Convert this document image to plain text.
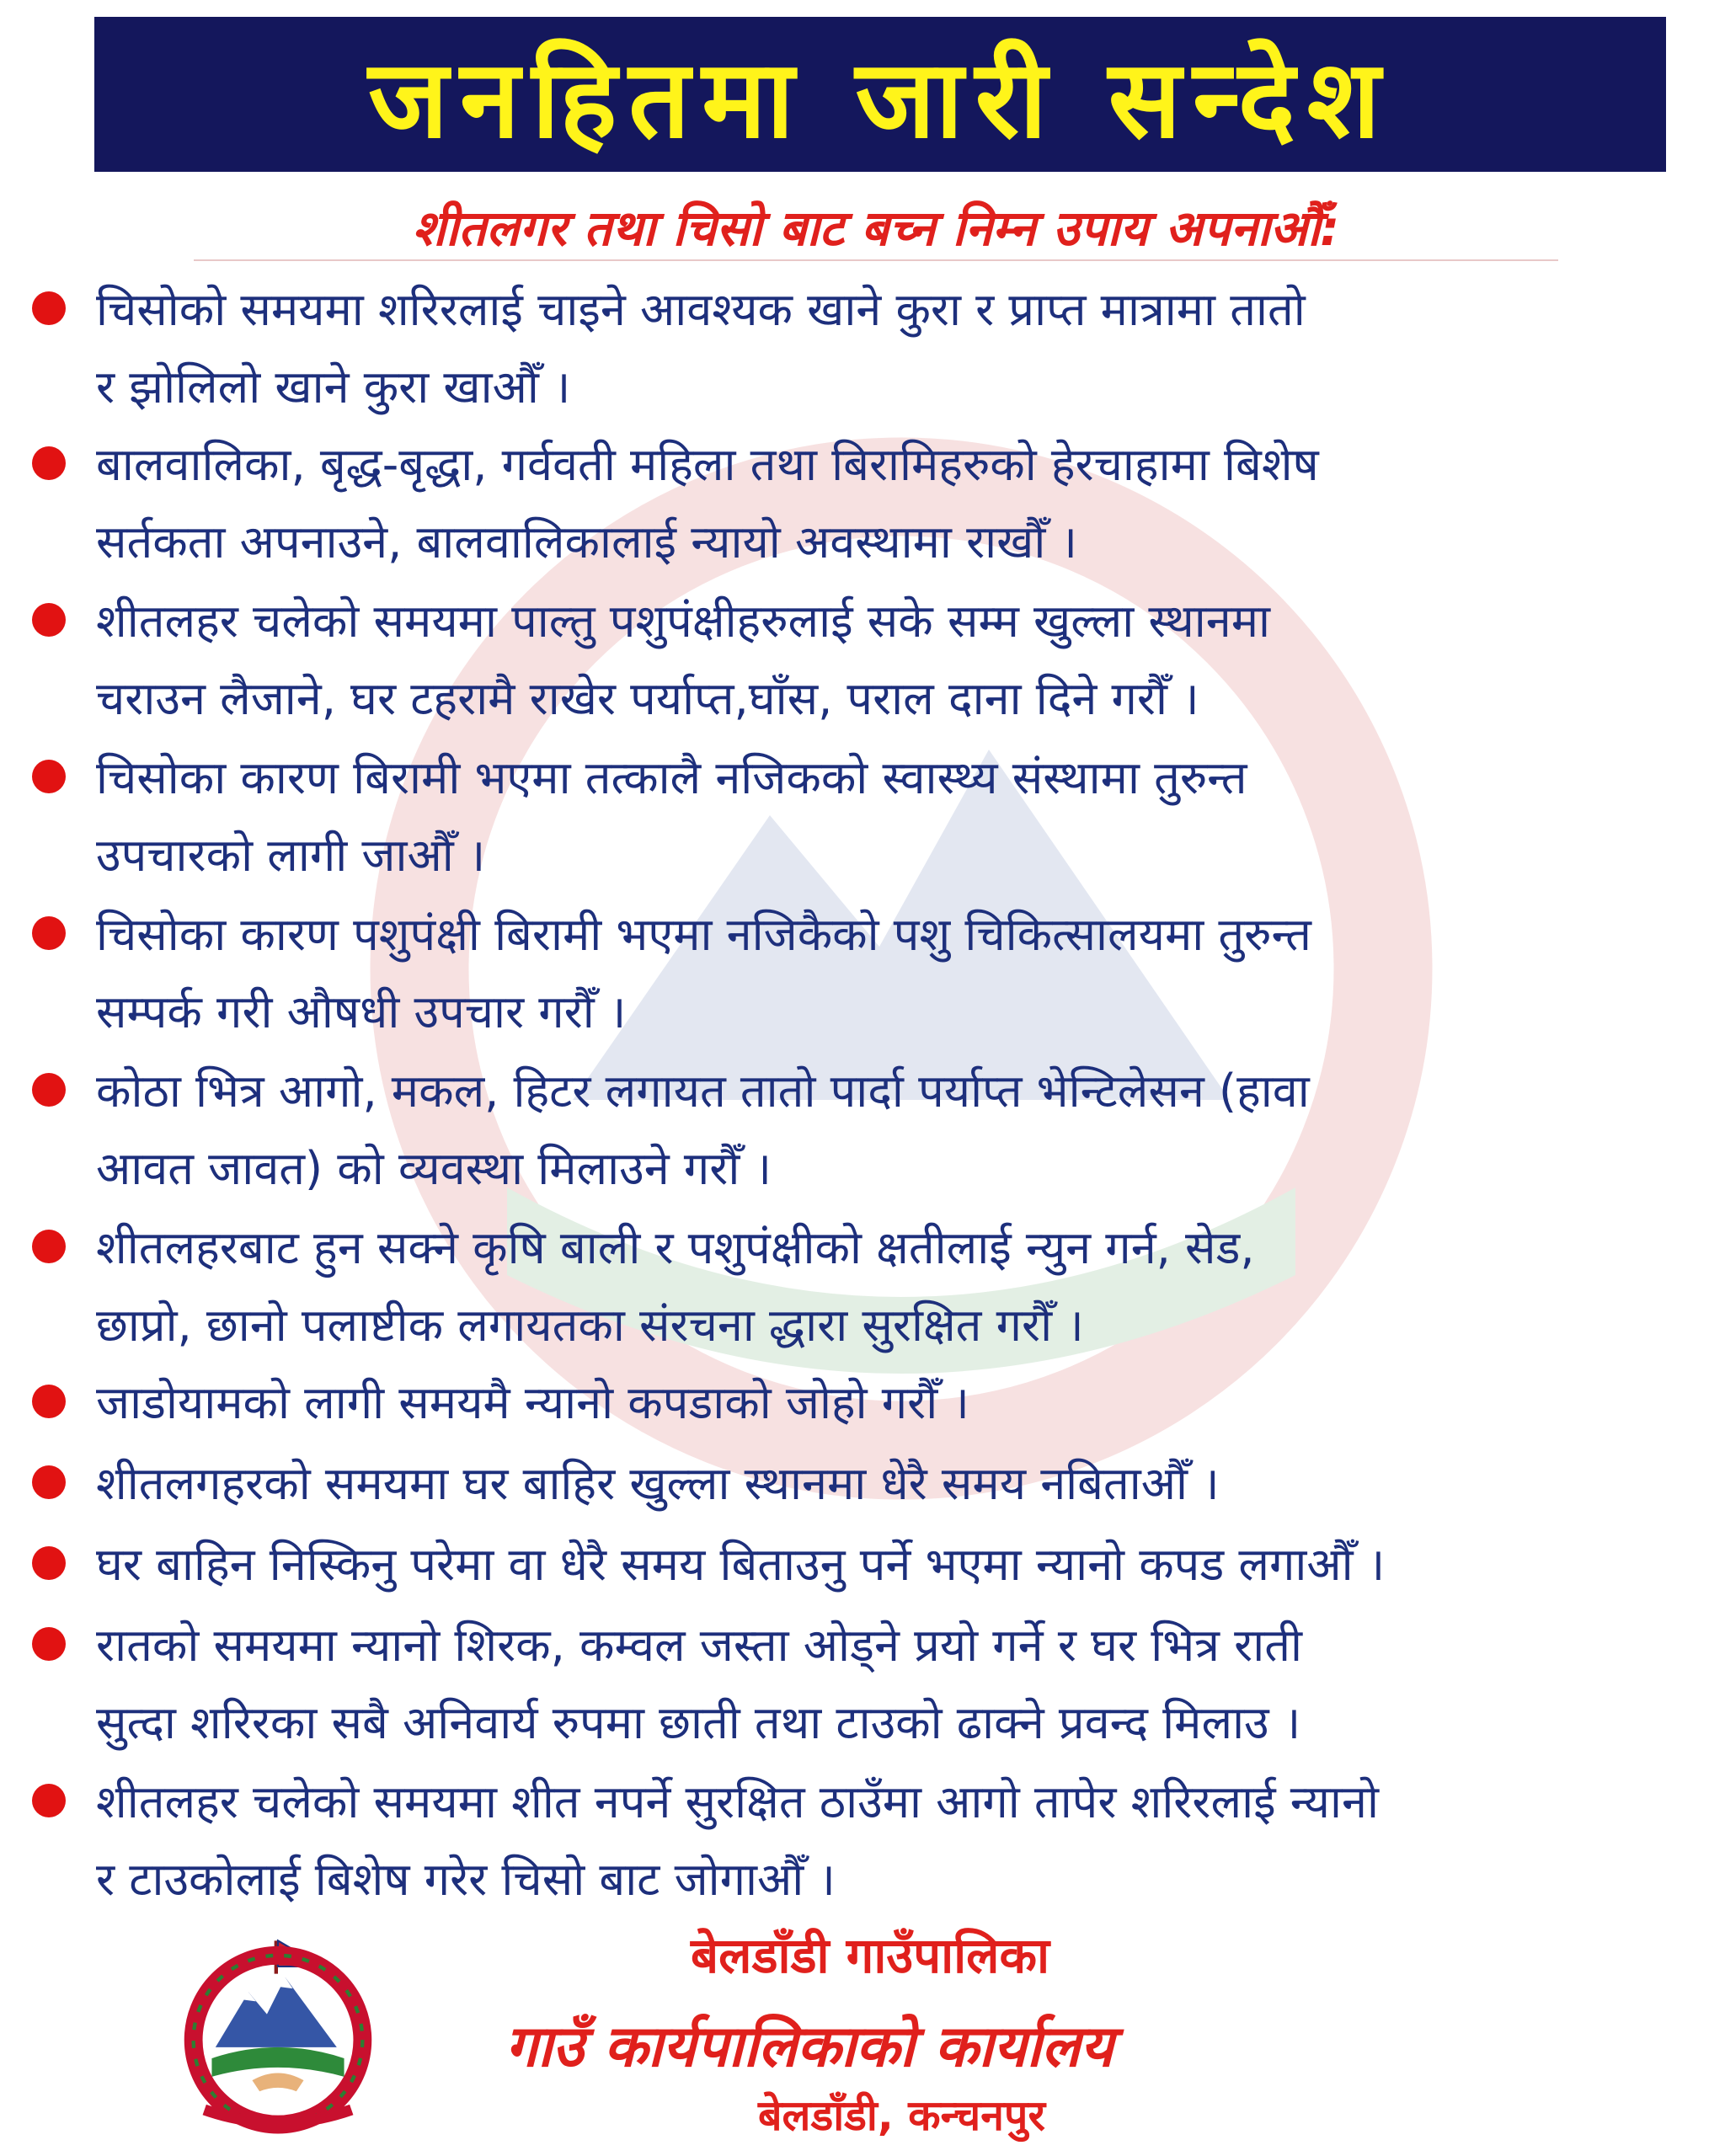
जनहितमा जारी सन्देश
शीतलगर तथा चिसो बाट बच्न निम्न उपाय अपनाऔँ:
चिसोको समयमा शरिरलाई चाइने आवश्यक खाने कुरा र प्राप्त मात्रामा तातो
र झोलिलो खाने कुरा खाऔँ ।
बालवालिका, बृद्ध-बृद्धा, गर्ववती महिला तथा बिरामिहरुको हेरचाहामा बिशेष
सर्तकता अपनाउने, बालवालिकालाई न्यायो अवस्थामा राखौँ ।
शीतलहर चलेको समयमा पाल्तु पशुपंक्षीहरुलाई सके सम्म खुल्ला स्थानमा
चराउन लैजाने, घर टहरामै राखेर पर्याप्त,घाँस, पराल दाना दिने गरौँ ।
चिसोका कारण बिरामी भएमा तत्कालै नजिकको स्वास्थ्य संस्थामा तुरुन्त
उपचारको लागी जाऔँ ।
चिसोका कारण पशुपंक्षी बिरामी भएमा नजिकैको पशु चिकित्सालयमा तुरुन्त
सम्पर्क गरी औषधी उपचार गरौँ ।
कोठा भित्र आगो, मकल, हिटर लगायत तातो पार्दा पर्याप्त भेन्टिलेसन (हावा
आवत जावत) को व्यवस्था मिलाउने गरौँ ।
शीतलहरबाट हुन सक्ने कृषि बाली र पशुपंक्षीको क्षतीलाई न्युन गर्न, सेड,
छाप्रो, छानो पलाष्टीक लगायतका संरचना द्धारा सुरक्षित गरौँ ।
जाडोयामको लागी समयमै न्यानो कपडाको जोहो गरौँ ।
शीतलगहरको समयमा घर बाहिर खुल्ला स्थानमा धेरै समय नबिताऔँ ।
घर बाहिन निस्किनु परेमा वा धेरै समय बिताउनु पर्ने भएमा न्यानो कपड लगाऔँ ।
रातको समयमा न्यानो शिरक, कम्वल जस्ता ओड्ने प्रयो गर्ने र घर भित्र राती
सुत्दा शरिरका सबै अनिवार्य रुपमा छाती तथा टाउको ढाक्ने प्रवन्द मिलाउ ।
शीतलहर चलेको समयमा शीत नपर्ने सुरक्षित ठाउँमा आगो तापेर शरिरलाई न्यानो
र टाउकोलाई बिशेष गरेर चिसो बाट जोगाऔँ ।
बेलडाँडी गाउँपालिका
गाउँ कार्यपालिकाको कार्यालय
बेलडाँडी, कन्चनपुर
